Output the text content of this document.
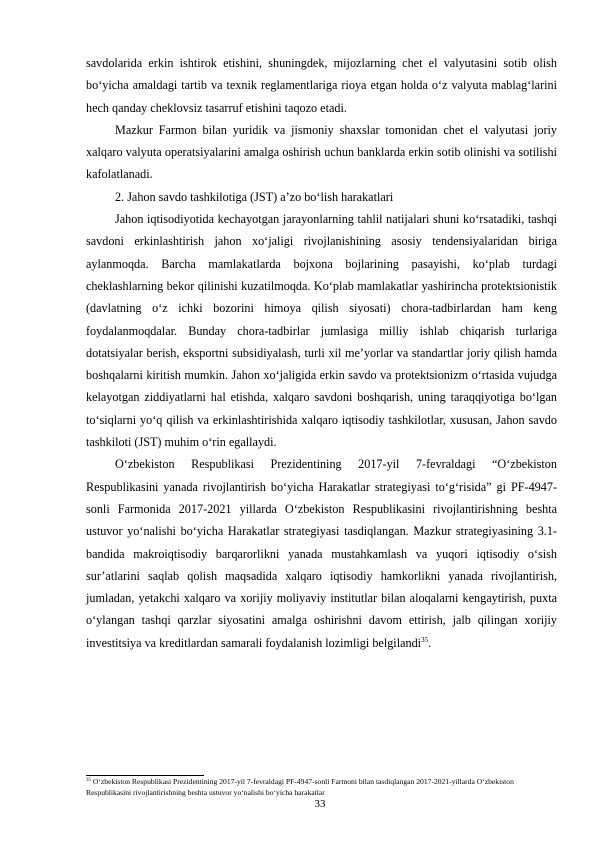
savdolarida erkin ishtirok etishini, shuningdek, mijozlarning chet el valyutasini sotib olish bo‘yicha amaldagi tartib va texnik reglamentlariga rioya etgan holda o‘z valyuta mablag‘larini hech qanday cheklovsiz tasarruf etishini taqozo etadi.

Mazkur Farmon bilan yuridik va jismoniy shaxslar tomonidan chet el valyutasi joriy xalqaro valyuta operatsiyalarini amalga oshirish uchun banklarda erkin sotib olinishi va sotilishi kafolatlanadi.

2. Jahon savdo tashkilotiga (JST) a’zo bo‘lish harakatlari

Jahon iqtisodiyotida kechayotgan jarayonlarning tahlil natijalari shuni ko‘rsatadiki, tashqi savdoni erkinlashtirish jahon xo‘jaligi rivojlanishining asosiy tendensiyalaridan biriga aylanmoqda. Barcha mamlakatlarda bojxona bojlarining pasayishi, ko‘plab turdagi cheklashlarning bekor qilinishi kuzatilmoqda. Ko‘plab mamlakatlar yashirincha protektsionistik (davlatning o‘z ichki bozorini himoya qilish siyosati) chora-tadbirlardan ham keng foydalanmoqdalar. Bunday chora-tadbirlar jumlasiga milliy ishlab chiqarish turlariga dotatsiyalar berish, eksportni subsidiyalash, turli xil me’yorlar va standartlar joriy qilish hamda boshqalarni kiritish mumkin. Jahon xo‘jaligida erkin savdo va protektsionizm o‘rtasida vujudga kelayotgan ziddiyatlarni hal etishda, xalqaro savdoni boshqarish, uning taraqqiyotiga bo‘lgan to‘siqlarni yo‘q qilish va erkinlashtirishida xalqaro iqtisodiy tashkilotlar, xususan, Jahon savdo tashkiloti (JST) muhim o‘rin egallaydi.

O‘zbekiston Respublikasi Prezidentining 2017-yil 7-fevraldagi “O‘zbekiston Respublikasini yanada rivojlantirish bo‘yicha Harakatlar strategiyasi to‘g‘risida” gi PF-4947-sonli Farmonida 2017-2021 yillarda O‘zbekiston Respublikasini rivojlantirishning beshta ustuvor yo‘nalishi bo‘yicha Harakatlar strategiyasi tasdiqlangan. Mazkur strategiyasining 3.1-bandida makroiqtisodiy barqarorlikni yanada mustahkamlash va yuqori iqtisodiy o‘sish sur’atlarini saqlab qolish maqsadida xalqaro iqtisodiy hamkorlikni yanada rivojlantirish, jumladan, yetakchi xalqaro va xorijiy moliyaviy institutlar bilan aloqalarni kengaytirish, puxta o‘ylangan tashqi qarzlar siyosatini amalga oshirishni davom ettirish, jalb qilingan xorijiy investitsiya va kreditlardan samarali foydalanish lozimligi belgilandi$^{35}$.

$^{35}$ O‘zbekiston Respublikasi Prezidentining 2017-yil 7-fevraldagi PF-4947-sonli Farmoni bilan tasdiqlangan 2017-2021-yillarda O‘zbekiston Respublikasini rivojlantirishning beshta ustuvor yo‘nalishi bo‘yicha harakatlar

33
